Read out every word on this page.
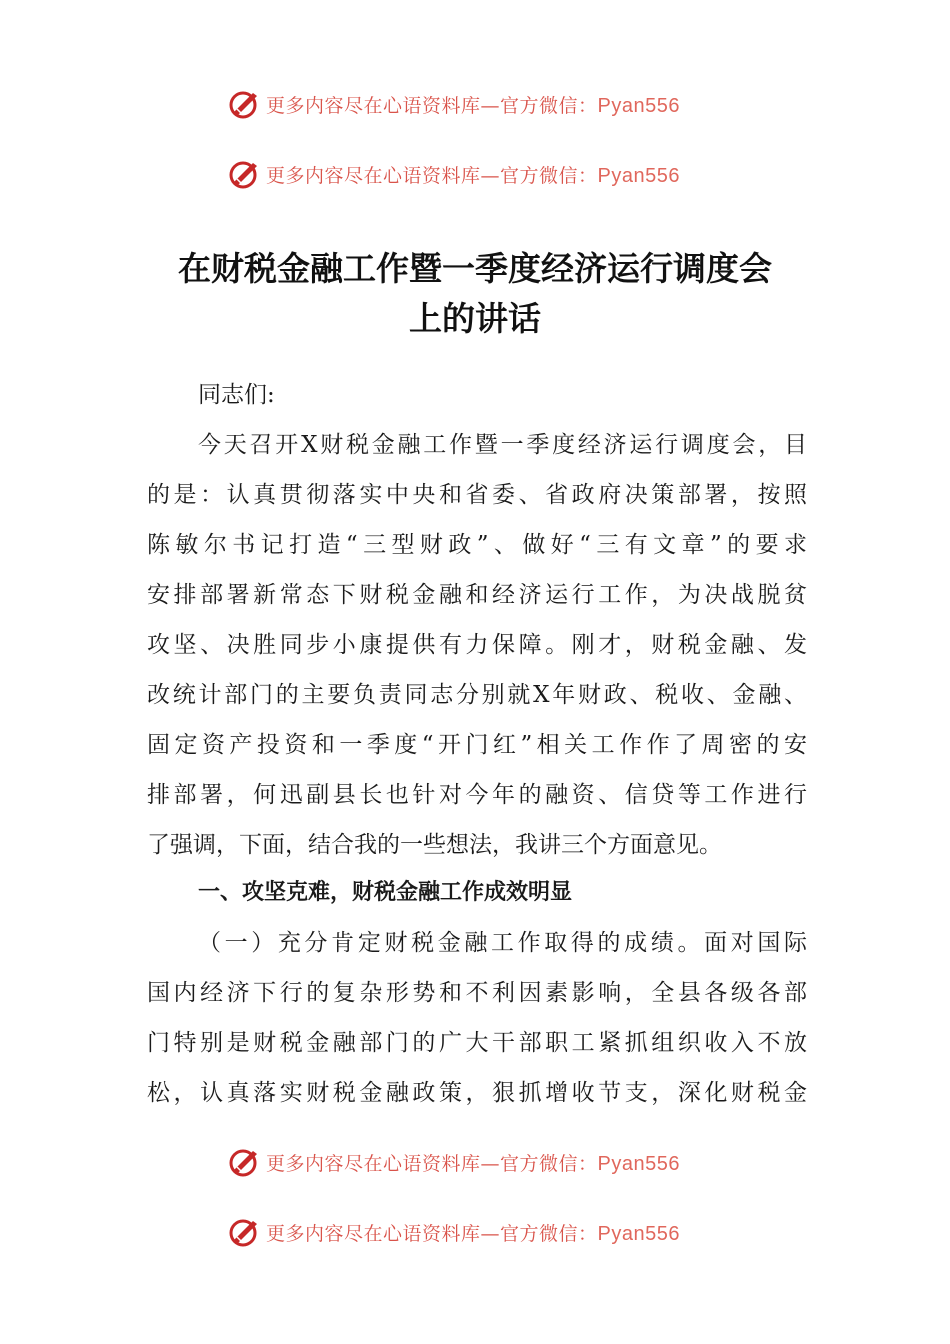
更多内容尽在心语资料库—官方微信：Pyan556
更多内容尽在心语资料库—官方微信：Pyan556
在财税金融工作暨一季度经济运行调度会
上的讲话
同志们:
今天召开X财税金融工作暨一季度经济运行调度会，目
的是：认真贯彻落实中央和省委、省政府决策部署，按照
陈敏尔书记打造“三型财政”、做好“三有文章”的要求
安排部署新常态下财税金融和经济运行工作，为决战脱贫
攻坚、决胜同步小康提供有力保障。刚才，财税金融、发
改统计部门的主要负责同志分别就X年财政、税收、金融、
固定资产投资和一季度“开门红”相关工作作了周密的安
排部署，何迅副县长也针对今年的融资、信贷等工作进行
了强调，下面，结合我的一些想法，我讲三个方面意见。
一、攻坚克难，财税金融工作成效明显
（一）充分肯定财税金融工作取得的成绩。面对国际
国内经济下行的复杂形势和不利因素影响，全县各级各部
门特别是财税金融部门的广大干部职工紧抓组织收入不放
松，认真落实财税金融政策，狠抓增收节支，深化财税金
更多内容尽在心语资料库—官方微信：Pyan556
更多内容尽在心语资料库—官方微信：Pyan556
